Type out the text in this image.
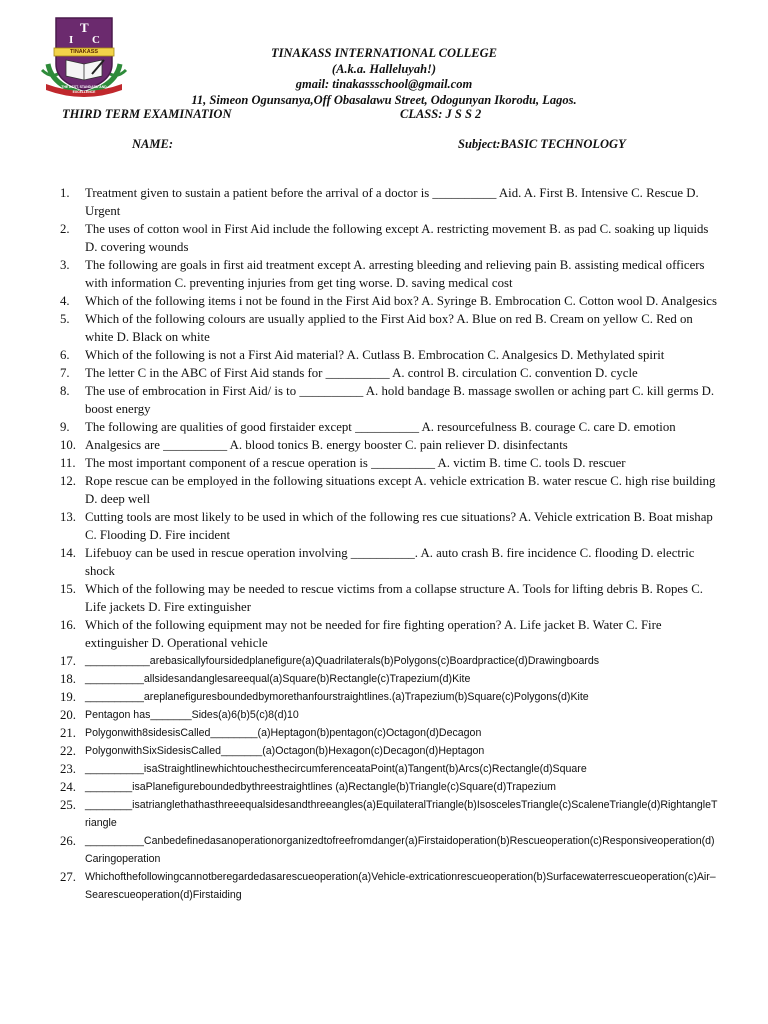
T
I C
TINAKASS
THE BEST, STANDARD AND EXCELLENCE
TINAKASS INTERNATIONAL COLLEGE
(A.k.a. Halleluyah!)
gmail: tinakassschool@gmail.com
11, Simeon Ogunsanya,Off Obasalawu Street, Odogunyan Ikorodu, Lagos.
THIRD TERM EXAMINATION	CLASS: J S S 2
NAME:	Subject:BASIC TECHNOLOGY
1.	Treatment given to sustain a patient before the arrival of a doctor is __________ Aid. A. First B. Intensive C. Rescue D. Urgent
2.	The uses of cotton wool in First Aid include the following except A. restricting movement B. as pad C. soaking up liquids D. covering wounds
3.	The following are goals in first aid treatment except A. arresting bleeding and relieving pain B. assisting medical officers with information C. preventing injuries from get ting worse. D. saving medical cost
4.	Which of the following items i not be found in the First Aid box? A. Syringe B. Embrocation C. Cotton wool D. Analgesics
5.	Which of the following colours are usually applied to the First Aid box? A. Blue on red B. Cream on yellow C. Red on white D. Black on white
6.	Which of the following is not a First Aid material? A. Cutlass B. Embrocation C. Analgesics D. Methylated spirit
7.	The letter C in the ABC of First Aid stands for __________ A. control B. circulation C. convention D. cycle
8.	The use of embrocation in First Aid/ is to __________ A. hold bandage B. massage swollen or aching part C. kill germs D. boost energy
9.	The following are qualities of good firstaider except __________ A. resourcefulness B. courage C. care D. emotion
10. Analgesics are __________ A. blood tonics B. energy booster C. pain reliever D. disinfectants
11. The most important component of a rescue operation is __________ A. victim B. time C. tools D. rescuer
12. Rope rescue can be employed in the following situations except A. vehicle extrication B. water rescue C. high rise building D. deep well
13. Cutting tools are most likely to be used in which of the following res cue situations? A. Vehicle extrication B. Boat mishap C. Flooding D. Fire incident
14. Lifebuoy can be used in rescue operation involving __________. A. auto crash B. fire incidence C. flooding D. electric shock
15. Which of the following may be needed to rescue victims from a collapse structure A. Tools for lifting debris B. Ropes C. Life jackets D. Fire extinguisher
16. Which of the following equipment may not be needed for fire fighting operation? A. Life jacket B. Water C. Fire extinguisher D. Operational vehicle
17. ___________arebasicallyfoursidedplanefigure(a)Quadrilaterals(b)Polygons(c)Boardpractice(d)Drawingboards
18. __________allsidesandanglesareequal(a)Square(b)Rectangle(c)Trapezium(d)Kite
19. __________areplanefiguresboundedbymorethanfourstraightlines.(a)Trapezium(b)Square(c)Polygons(d)Kite
20. Pentagon has_______Sides(a)6(b)5(c)8(d)10
21. Polygonwith8sidesisCalled________(a)Heptagon(b)pentagon(c)Octagon(d)Decagon
22. PolygonwithSixSidesisCalled_______(a)Octagon(b)Hexagon(c)Decagon(d)Heptagon
23. __________isaStraightlinewhichtouchesthecircumferenceataPoint(a)Tangent(b)Arcs(c)Rectangle(d)Square
24. ________isaPlanefigureboundedbythreestraightlines (a)Rectangle(b)Triangle(c)Square(d)Trapezium
25. ________isatrianglethathasthreeequalsidesandthreeangles(a)EquilateralTriangle(b)IsoscelesTriangle(c)ScaleneTriangle(d)RightangleTriangle
26. __________Canbedefinedasanoperationorganizedtofreefromdanger(a)Firstaidoperation(b)Rescueoperation(c)Responsiveoperation(d)Caringoperation
27. Whichofthefollowingcannotberegardedasarescueoperation(a)Vehicle-extricationrescueoperation(b)Surfacewaterrescueoperation(c)Air–Searescueoperation(d)Firstaiding
